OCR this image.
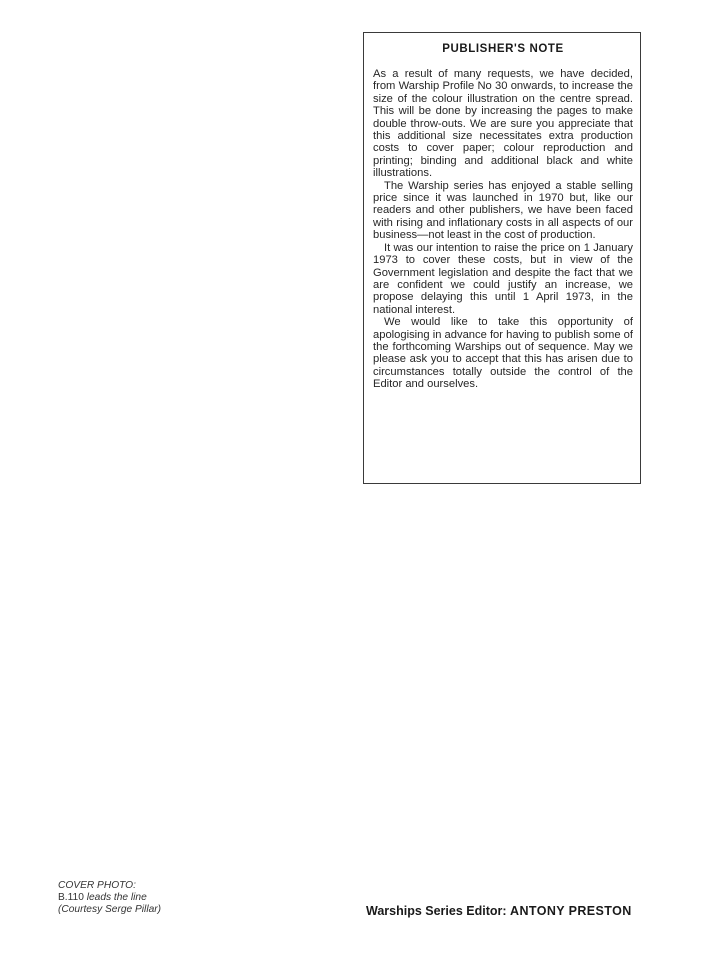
PUBLISHER'S NOTE

As a result of many requests, we have decided, from Warship Profile No 30 onwards, to increase the size of the colour illustration on the centre spread. This will be done by increasing the pages to make double throw-outs. We are sure you appreciate that this additional size necessitates extra production costs to cover paper; colour reproduction and printing; binding and additional black and white illustrations.

The Warship series has enjoyed a stable selling price since it was launched in 1970 but, like our readers and other publishers, we have been faced with rising and inflationary costs in all aspects of our business—not least in the cost of production.

It was our intention to raise the price on 1 January 1973 to cover these costs, but in view of the Government legislation and despite the fact that we are confident we could justify an increase, we propose delaying this until 1 April 1973, in the national interest.

We would like to take this opportunity of apologising in advance for having to publish some of the forthcoming Warships out of sequence. May we please ask you to accept that this has arisen due to circumstances totally outside the control of the Editor and ourselves.

COVER PHOTO:
B.110 leads the line
(Courtesy Serge Pillar)	Warships Series Editor: ANTONY PRESTON
